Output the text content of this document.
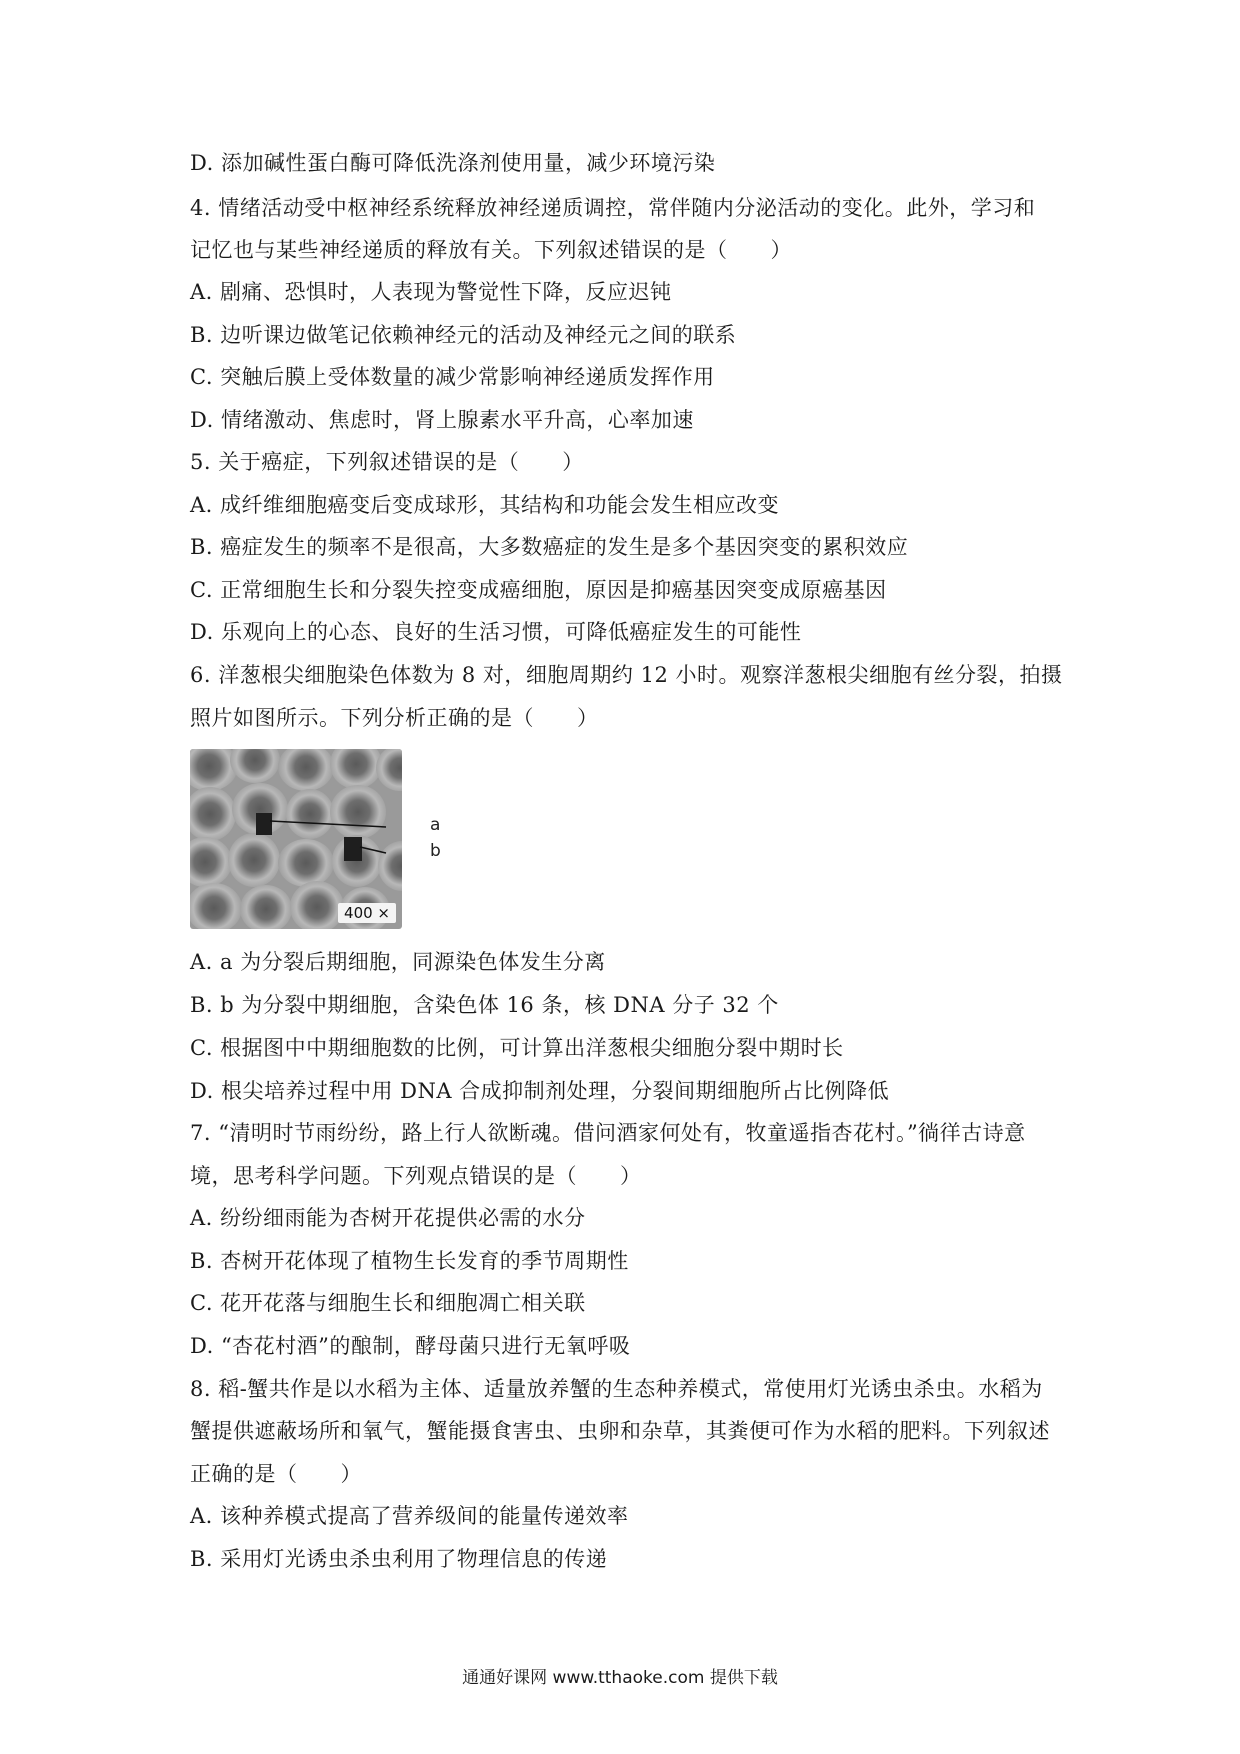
D. 添加碱性蛋白酶可降低洗涤剂使用量，减少环境污染
4. 情绪活动受中枢神经系统释放神经递质调控，常伴随内分泌活动的变化。此外，学习和
记忆也与某些神经递质的释放有关。下列叙述错误的是（　　）
A. 剧痛、恐惧时，人表现为警觉性下降，反应迟钝
B. 边听课边做笔记依赖神经元的活动及神经元之间的联系
C. 突触后膜上受体数量的减少常影响神经递质发挥作用
D. 情绪激动、焦虑时，肾上腺素水平升高，心率加速
5. 关于癌症，下列叙述错误的是（　　）
A. 成纤维细胞癌变后变成球形，其结构和功能会发生相应改变
B. 癌症发生的频率不是很高，大多数癌症的发生是多个基因突变的累积效应
C. 正常细胞生长和分裂失控变成癌细胞，原因是抑癌基因突变成原癌基因
D. 乐观向上的心态、良好的生活习惯，可降低癌症发生的可能性
6. 洋葱根尖细胞染色体数为 8 对，细胞周期约 12 小时。观察洋葱根尖细胞有丝分裂，拍摄
照片如图所示。下列分析正确的是（　　）
400 ×
a
b
A. a 为分裂后期细胞，同源染色体发生分离
B. b 为分裂中期细胞，含染色体 16 条，核 DNA 分子 32 个
C. 根据图中中期细胞数的比例，可计算出洋葱根尖细胞分裂中期时长
D. 根尖培养过程中用 DNA 合成抑制剂处理，分裂间期细胞所占比例降低
7. “清明时节雨纷纷，路上行人欲断魂。借问酒家何处有，牧童遥指杏花村。”徜徉古诗意
境，思考科学问题。下列观点错误的是（　　）
A. 纷纷细雨能为杏树开花提供必需的水分
B. 杏树开花体现了植物生长发育的季节周期性
C. 花开花落与细胞生长和细胞凋亡相关联
D. “杏花村酒”的酿制，酵母菌只进行无氧呼吸
8. 稻-蟹共作是以水稻为主体、适量放养蟹的生态种养模式，常使用灯光诱虫杀虫。水稻为
蟹提供遮蔽场所和氧气，蟹能摄食害虫、虫卵和杂草，其粪便可作为水稻的肥料。下列叙述
正确的是（　　）
A. 该种养模式提高了营养级间的能量传递效率
B. 采用灯光诱虫杀虫利用了物理信息的传递
通通好课网 www.tthaoke.com 提供下载
